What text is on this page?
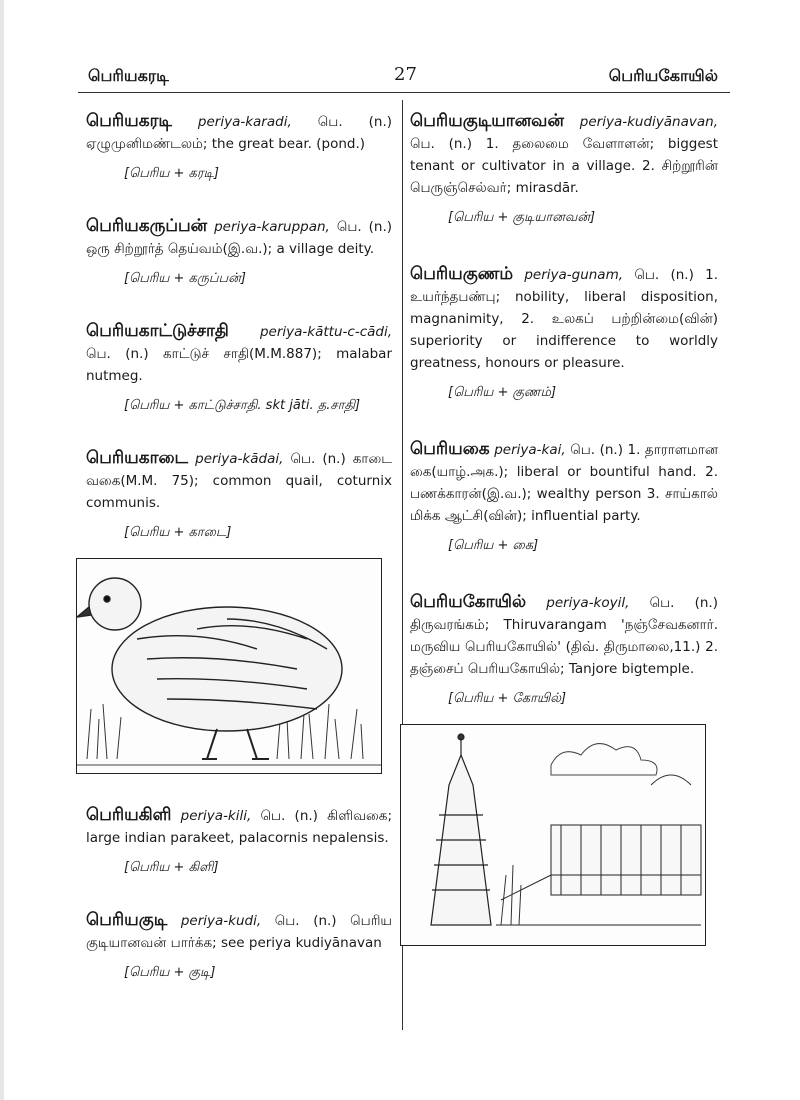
பெரியகரடி	27	பெரியகோயில்
பெரியகரடி periya-karadi, பெ. (n.) ஏழுமுனிமண்டலம்; the great bear. (pond.)
[பெரிய + கரடி]
பெரியகருப்பன் periya-karuppan, பெ. (n.) ஒரு சிற்றூர்த் தெய்வம்(இ.வ.); a village deity.
[பெரிய + கருப்பன்]
பெரியகாட்டுச்சாதி periya-kāttu-c-cādi, பெ. (n.) காட்டுச் சாதி(M.M.887); malabar nutmeg.
[பெரிய + காட்டுச்சாதி. skt jāti. த.சாதி]
பெரியகாடை periya-kādai, பெ. (n.) காடை வகை(M.M. 75); common quail, coturnix communis.
[பெரிய + காடை]
பெரியகிளி periya-kili, பெ. (n.) கிளிவகை; large indian parakeet, palacornis nepalensis.
[பெரிய + கிளி]
பெரியகுடி periya-kudi, பெ. (n.) பெரிய குடியானவன் பார்க்க; see periya kudiyānavan
[பெரிய + குடி]
பெரியகுடியானவன் periya-kudiyānavan, பெ. (n.) 1. தலைமை வேளாளன்; biggest tenant or cultivator in a village. 2. சிற்றூரின் பெருஞ்செல்வர்; mirasdār.
[பெரிய + குடியானவன்]
பெரியகுணம் periya-gunam, பெ. (n.) 1. உயர்ந்தபண்பு; nobility, liberal disposition, magnanimity, 2. உலகப் பற்றின்மை(வின்) superiority or indifference to worldly greatness, honours or pleasure.
[பெரிய + குணம்]
பெரியகை periya-kai, பெ. (n.) 1. தாராளமான கை(யாழ்.அக.); liberal or bountiful hand. 2. பணக்காரன்(இ.வ.); wealthy person 3. சாய்கால் மிக்க ஆட்சி(வின்); influential party.
[பெரிய + கை]
பெரியகோயில் periya-koyil, பெ. (n.) திருவரங்கம்; Thiruvarangam 'நஞ்சேவகனார். மருவிய பெரியகோயில்' (திவ். திருமாலை,11.) 2. தஞ்சைப் பெரியகோயில்; Tanjore bigtemple.
[பெரிய + கோயில்]
